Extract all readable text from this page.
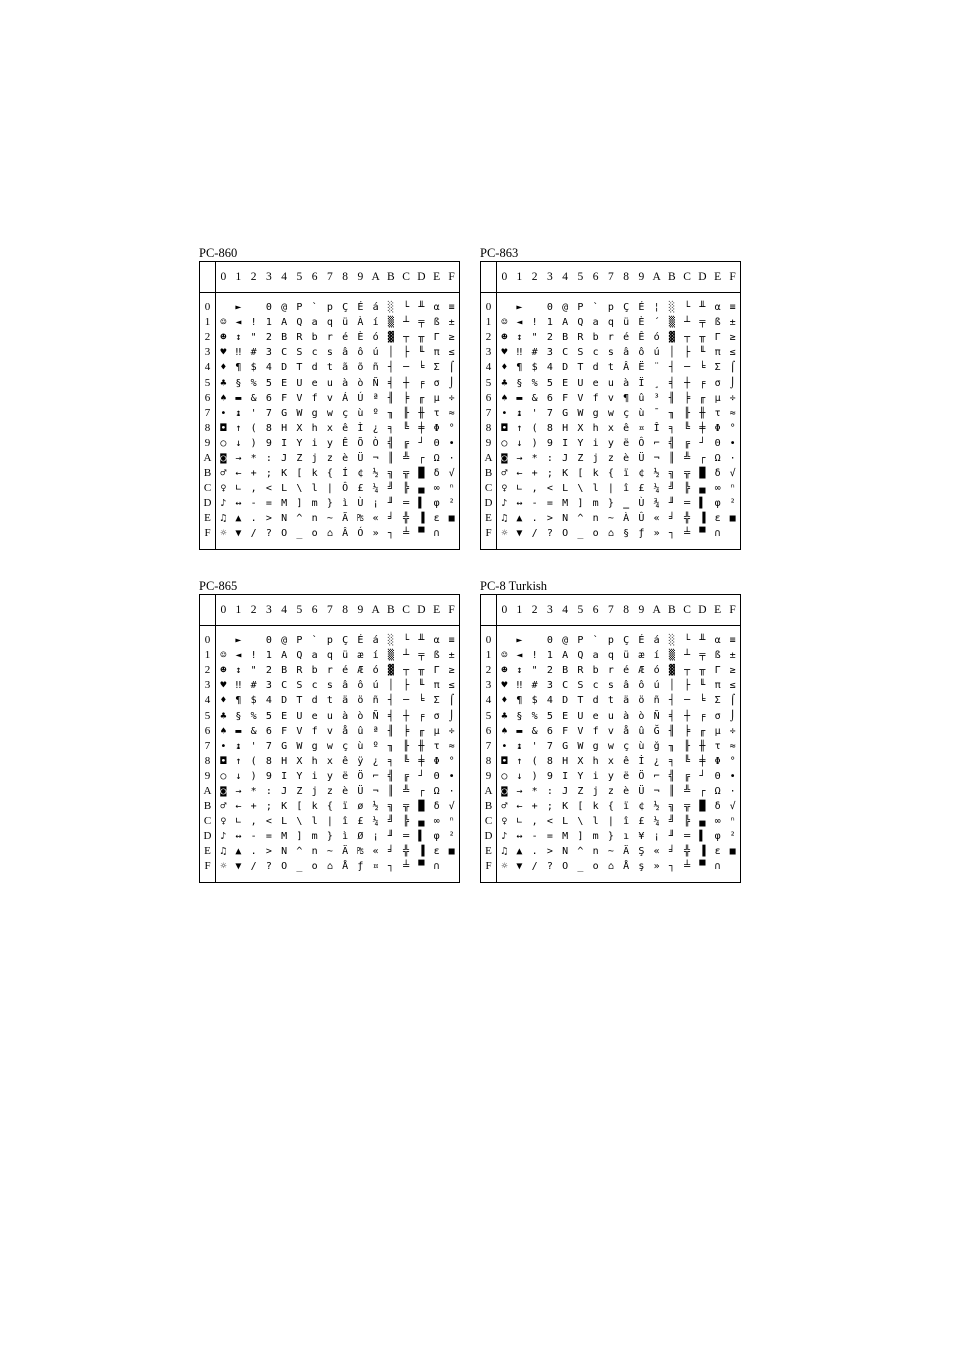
PC-860
	0	1	2	3	4	5	6	7	8	9	A	B	C	D	E	F

0		►		0	@	P	`	p	Ç	É	á	░	└	╨	α	≡
1	☺	◄	!	1	A	Q	a	q	ü	À	í	▒	┴	╤	ß	±
2	☻	↕	"	2	B	R	b	r	é	È	ó	▓	┬	╥	Γ	≥
3	♥	‼	#	3	C	S	c	s	â	ô	ú	│	├	╙	π	≤
4	♦	¶	$	4	D	T	d	t	ã	õ	ñ	┤	─	╘	Σ	⌠
5	♣	§	%	5	E	U	e	u	à	ò	Ñ	╡	┼	╒	σ	⌡
6	♠	▬	&	6	F	V	f	v	Á	Ú	ª	╢	╞	╓	µ	÷
7	•	↨	'	7	G	W	g	w	ç	ù	º	╖	╟	╫	τ	≈
8	◘	↑	(	8	H	X	h	x	ê	Ì	¿	╕	╚	╪	Φ	°
9	○	↓	)	9	I	Y	i	y	Ê	Õ	Ò	╣	╔	┘	Θ	∙
A	◙	→	*	:	J	Z	j	z	è	Ü	¬	║	╩	┌	Ω	·
B	♂	←	+	;	K	[	k	{	Í	¢	½	╗	╦	█	δ	√
C	♀	∟	,	<	L	\	l	|	Ô	£	¼	╝	╠	▄	∞	ⁿ
D	♪	↔	-	=	M	]	m	}	ì	Ù	¡	╜	═	▌	φ	²
E	♫	▲	.	>	N	^	n	~	Ã	₧	«	╛	╬	▐	ε	■
F	☼	▼	/	?	O	_	o	⌂	Â	Ó	»	┐	╧	▀	∩	

PC-863
	0	1	2	3	4	5	6	7	8	9	A	B	C	D	E	F

0		►		0	@	P	`	p	Ç	É	¦	░	└	╨	α	≡
1	☺	◄	!	1	A	Q	a	q	ü	È	´	▒	┴	╤	ß	±
2	☻	↕	"	2	B	R	b	r	é	Ê	ó	▓	┬	╥	Γ	≥
3	♥	‼	#	3	C	S	c	s	â	ô	ú	│	├	╙	π	≤
4	♦	¶	$	4	D	T	d	t	Â	Ë	¨	┤	─	╘	Σ	⌠
5	♣	§	%	5	E	U	e	u	à	Ï	¸	╡	┼	╒	σ	⌡
6	♠	▬	&	6	F	V	f	v	¶	û	³	╢	╞	╓	µ	÷
7	•	↨	'	7	G	W	g	w	ç	ù	¯	╖	╟	╫	τ	≈
8	◘	↑	(	8	H	X	h	x	ê	¤	Î	╕	╚	╪	Φ	°
9	○	↓	)	9	I	Y	i	y	ë	Ô	⌐	╣	╔	┘	Θ	∙
A	◙	→	*	:	J	Z	j	z	è	Ü	¬	║	╩	┌	Ω	·
B	♂	←	+	;	K	[	k	{	ï	¢	½	╗	╦	█	δ	√
C	♀	∟	,	<	L	\	l	|	î	£	¼	╝	╠	▄	∞	ⁿ
D	♪	↔	-	=	M	]	m	}	‗	Ù	¾	╜	═	▌	φ	²
E	♫	▲	.	>	N	^	n	~	À	Û	«	╛	╬	▐	ε	■
F	☼	▼	/	?	O	_	o	⌂	§	ƒ	»	┐	╧	▀	∩	

PC-865
	0	1	2	3	4	5	6	7	8	9	A	B	C	D	E	F

0		►		0	@	P	`	p	Ç	É	á	░	└	╨	α	≡
1	☺	◄	!	1	A	Q	a	q	ü	æ	í	▒	┴	╤	ß	±
2	☻	↕	"	2	B	R	b	r	é	Æ	ó	▓	┬	╥	Γ	≥
3	♥	‼	#	3	C	S	c	s	â	ô	ú	│	├	╙	π	≤
4	♦	¶	$	4	D	T	d	t	ä	ö	ñ	┤	─	╘	Σ	⌠
5	♣	§	%	5	E	U	e	u	à	ò	Ñ	╡	┼	╒	σ	⌡
6	♠	▬	&	6	F	V	f	v	å	û	ª	╢	╞	╓	µ	÷
7	•	↨	'	7	G	W	g	w	ç	ù	º	╖	╟	╫	τ	≈
8	◘	↑	(	8	H	X	h	x	ê	ÿ	¿	╕	╚	╪	Φ	°
9	○	↓	)	9	I	Y	i	y	ë	Ö	⌐	╣	╔	┘	Θ	∙
A	◙	→	*	:	J	Z	j	z	è	Ü	¬	║	╩	┌	Ω	·
B	♂	←	+	;	K	[	k	{	ï	ø	½	╗	╦	█	δ	√
C	♀	∟	,	<	L	\	l	|	î	£	¼	╝	╠	▄	∞	ⁿ
D	♪	↔	-	=	M	]	m	}	ì	Ø	¡	╜	═	▌	φ	²
E	♫	▲	.	>	N	^	n	~	Ä	₧	«	╛	╬	▐	ε	■
F	☼	▼	/	?	O	_	o	⌂	Å	ƒ	¤	┐	╧	▀	∩	

PC-8 Turkish
	0	1	2	3	4	5	6	7	8	9	A	B	C	D	E	F

0		►		0	@	P	`	p	Ç	É	á	░	└	╨	α	≡
1	☺	◄	!	1	A	Q	a	q	ü	æ	í	▒	┴	╤	ß	±
2	☻	↕	"	2	B	R	b	r	é	Æ	ó	▓	┬	╥	Γ	≥
3	♥	‼	#	3	C	S	c	s	â	ô	ú	│	├	╙	π	≤
4	♦	¶	$	4	D	T	d	t	ä	ö	ñ	┤	─	╘	Σ	⌠
5	♣	§	%	5	E	U	e	u	à	ò	Ñ	╡	┼	╒	σ	⌡
6	♠	▬	&	6	F	V	f	v	å	û	Ğ	╢	╞	╓	µ	÷
7	•	↨	'	7	G	W	g	w	ç	ù	ğ	╖	╟	╫	τ	≈
8	◘	↑	(	8	H	X	h	x	ê	İ	¿	╕	╚	╪	Φ	°
9	○	↓	)	9	I	Y	i	y	ë	Ö	⌐	╣	╔	┘	Θ	∙
A	◙	→	*	:	J	Z	j	z	è	Ü	¬	║	╩	┌	Ω	·
B	♂	←	+	;	K	[	k	{	ï	¢	½	╗	╦	█	δ	√
C	♀	∟	,	<	L	\	l	|	î	£	¼	╝	╠	▄	∞	ⁿ
D	♪	↔	-	=	M	]	m	}	ı	¥	¡	╜	═	▌	φ	²
E	♫	▲	.	>	N	^	n	~	Ä	Ş	«	╛	╬	▐	ε	■
F	☼	▼	/	?	O	_	o	⌂	Å	ş	»	┐	╧	▀	∩	
